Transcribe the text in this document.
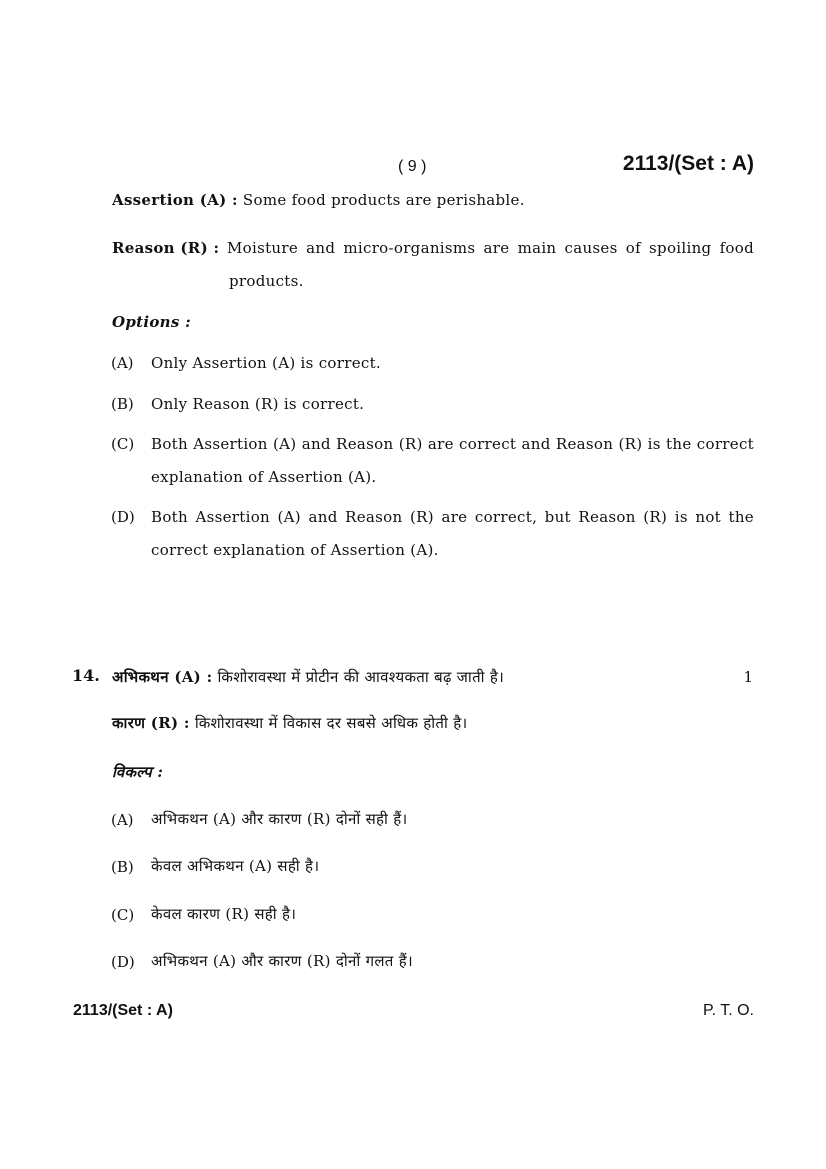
( 9 )	2113/(Set : A)
Assertion (A) : Some food products are perishable.
Reason (R) : Moisture and micro-organisms are main causes of spoiling food
products.
Options :
(A) Only Assertion (A) is correct.
(B) Only Reason (R) is correct.
(C) Both Assertion (A) and Reason (R) are correct and Reason (R) is the correct
explanation of Assertion (A).
(D) Both Assertion (A) and Reason (R) are correct, but Reason (R) is not the
correct explanation of Assertion (A).
14. अभिकथन (A) : किशोरावस्था में प्रोटीन की आवश्यकता बढ़ जाती है।	1
कारण (R) : किशोरावस्था में विकास दर सबसे अधिक होती है।
विकल्प :
(A) अभिकथन (A) और कारण (R) दोनों सही हैं।
(B) केवल अभिकथन (A) सही है।
(C) केवल कारण (R) सही है।
(D) अभिकथन (A) और कारण (R) दोनों गलत हैं।
2113/(Set : A)	P. T. O.
